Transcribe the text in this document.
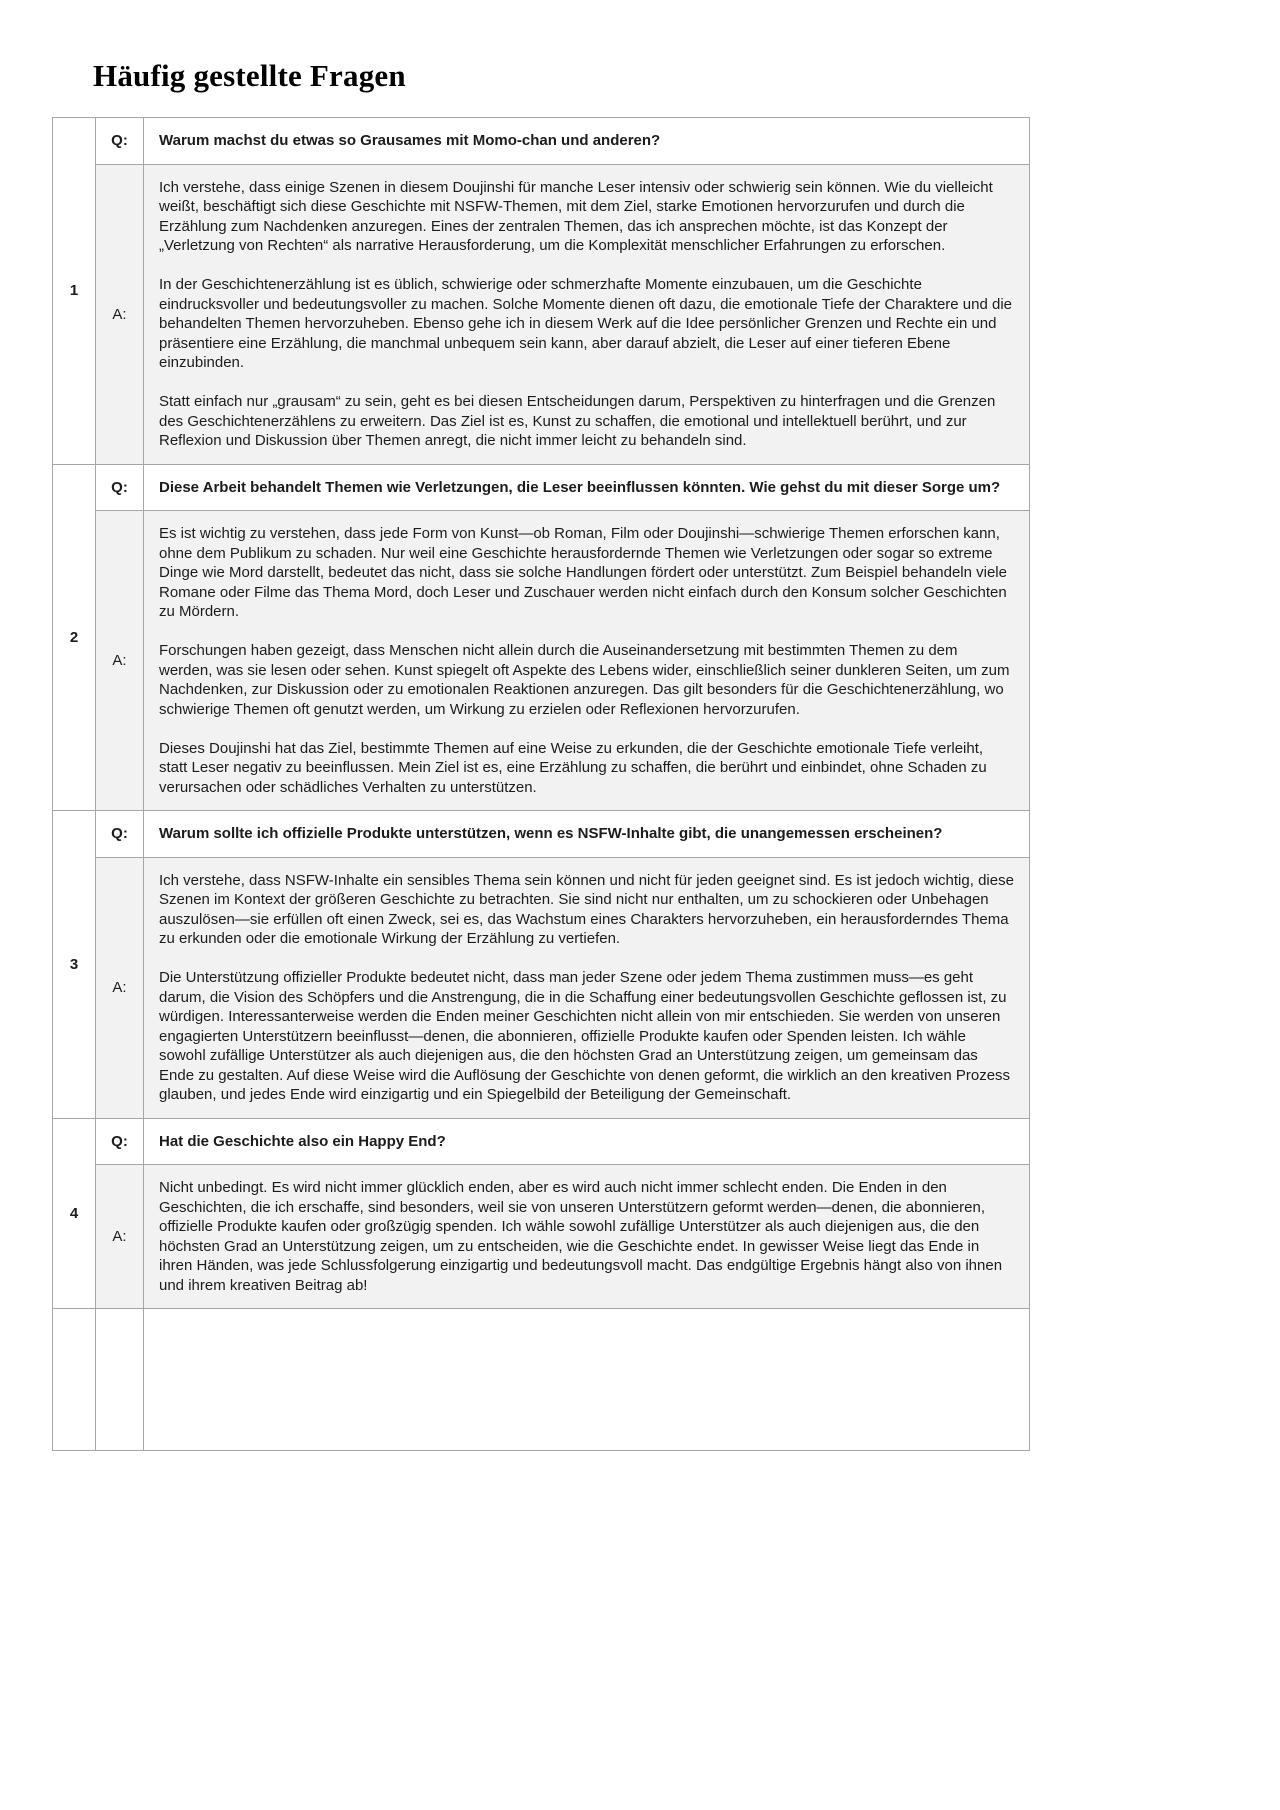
Häufig gestellte Fragen
1	Q:	Warum machst du etwas so Grausames mit Momo-chan und anderen?
	A:	Ich verstehe, dass einige Szenen in diesem Doujinshi für manche Leser intensiv oder schwierig sein können. Wie du vielleicht weißt, beschäftigt sich diese Geschichte mit NSFW-Themen, mit dem Ziel, starke Emotionen hervorzurufen und durch die Erzählung zum Nachdenken anzuregen. Eines der zentralen Themen, das ich ansprechen möchte, ist das Konzept der „Verletzung von Rechten“ als narrative Herausforderung, um die Komplexität menschlicher Erfahrungen zu erforschen.

In der Geschichtenerzählung ist es üblich, schwierige oder schmerzhafte Momente einzubauen, um die Geschichte eindrucksvoller und bedeutungsvoller zu machen. Solche Momente dienen oft dazu, die emotionale Tiefe der Charaktere und die behandelten Themen hervorzuheben. Ebenso gehe ich in diesem Werk auf die Idee persönlicher Grenzen und Rechte ein und präsentiere eine Erzählung, die manchmal unbequem sein kann, aber darauf abzielt, die Leser auf einer tieferen Ebene einzubinden.

Statt einfach nur „grausam“ zu sein, geht es bei diesen Entscheidungen darum, Perspektiven zu hinterfragen und die Grenzen des Geschichtenerzählens zu erweitern. Das Ziel ist es, Kunst zu schaffen, die emotional und intellektuell berührt, und zur Reflexion und Diskussion über Themen anregt, die nicht immer leicht zu behandeln sind.

2	Q:	Diese Arbeit behandelt Themen wie Verletzungen, die Leser beeinflussen könnten. Wie gehst du mit dieser Sorge um?
	A:	Es ist wichtig zu verstehen, dass jede Form von Kunst—ob Roman, Film oder Doujinshi—schwierige Themen erforschen kann, ohne dem Publikum zu schaden. Nur weil eine Geschichte herausfordernde Themen wie Verletzungen oder sogar so extreme Dinge wie Mord darstellt, bedeutet das nicht, dass sie solche Handlungen fördert oder unterstützt. Zum Beispiel behandeln viele Romane oder Filme das Thema Mord, doch Leser und Zuschauer werden nicht einfach durch den Konsum solcher Geschichten zu Mördern.

Forschungen haben gezeigt, dass Menschen nicht allein durch die Auseinandersetzung mit bestimmten Themen zu dem werden, was sie lesen oder sehen. Kunst spiegelt oft Aspekte des Lebens wider, einschließlich seiner dunkleren Seiten, um zum Nachdenken, zur Diskussion oder zu emotionalen Reaktionen anzuregen. Das gilt besonders für die Geschichtenerzählung, wo schwierige Themen oft genutzt werden, um Wirkung zu erzielen oder Reflexionen hervorzurufen.

Dieses Doujinshi hat das Ziel, bestimmte Themen auf eine Weise zu erkunden, die der Geschichte emotionale Tiefe verleiht, statt Leser negativ zu beeinflussen. Mein Ziel ist es, eine Erzählung zu schaffen, die berührt und einbindet, ohne Schaden zu verursachen oder schädliches Verhalten zu unterstützen.

3	Q:	Warum sollte ich offizielle Produkte unterstützen, wenn es NSFW-Inhalte gibt, die unangemessen erscheinen?
	A:	Ich verstehe, dass NSFW-Inhalte ein sensibles Thema sein können und nicht für jeden geeignet sind. Es ist jedoch wichtig, diese Szenen im Kontext der größeren Geschichte zu betrachten. Sie sind nicht nur enthalten, um zu schockieren oder Unbehagen auszulösen—sie erfüllen oft einen Zweck, sei es, das Wachstum eines Charakters hervorzuheben, ein herausforderndes Thema zu erkunden oder die emotionale Wirkung der Erzählung zu vertiefen.

Die Unterstützung offizieller Produkte bedeutet nicht, dass man jeder Szene oder jedem Thema zustimmen muss—es geht darum, die Vision des Schöpfers und die Anstrengung, die in die Schaffung einer bedeutungsvollen Geschichte geflossen ist, zu würdigen. Interessanterweise werden die Enden meiner Geschichten nicht allein von mir entschieden. Sie werden von unseren engagierten Unterstützern beeinflusst—denen, die abonnieren, offizielle Produkte kaufen oder Spenden leisten. Ich wähle sowohl zufällige Unterstützer als auch diejenigen aus, die den höchsten Grad an Unterstützung zeigen, um gemeinsam das Ende zu gestalten. Auf diese Weise wird die Auflösung der Geschichte von denen geformt, die wirklich an den kreativen Prozess glauben, und jedes Ende wird einzigartig und ein Spiegelbild der Beteiligung der Gemeinschaft.

4	Q:	Hat die Geschichte also ein Happy End?
	A:	Nicht unbedingt. Es wird nicht immer glücklich enden, aber es wird auch nicht immer schlecht enden. Die Enden in den Geschichten, die ich erschaffe, sind besonders, weil sie von unseren Unterstützern geformt werden—denen, die abonnieren, offizielle Produkte kaufen oder großzügig spenden. Ich wähle sowohl zufällige Unterstützer als auch diejenigen aus, die den höchsten Grad an Unterstützung zeigen, um zu entscheiden, wie die Geschichte endet. In gewisser Weise liegt das Ende in ihren Händen, was jede Schlussfolgerung einzigartig und bedeutungsvoll macht. Das endgültige Ergebnis hängt also von ihnen und ihrem kreativen Beitrag ab!
